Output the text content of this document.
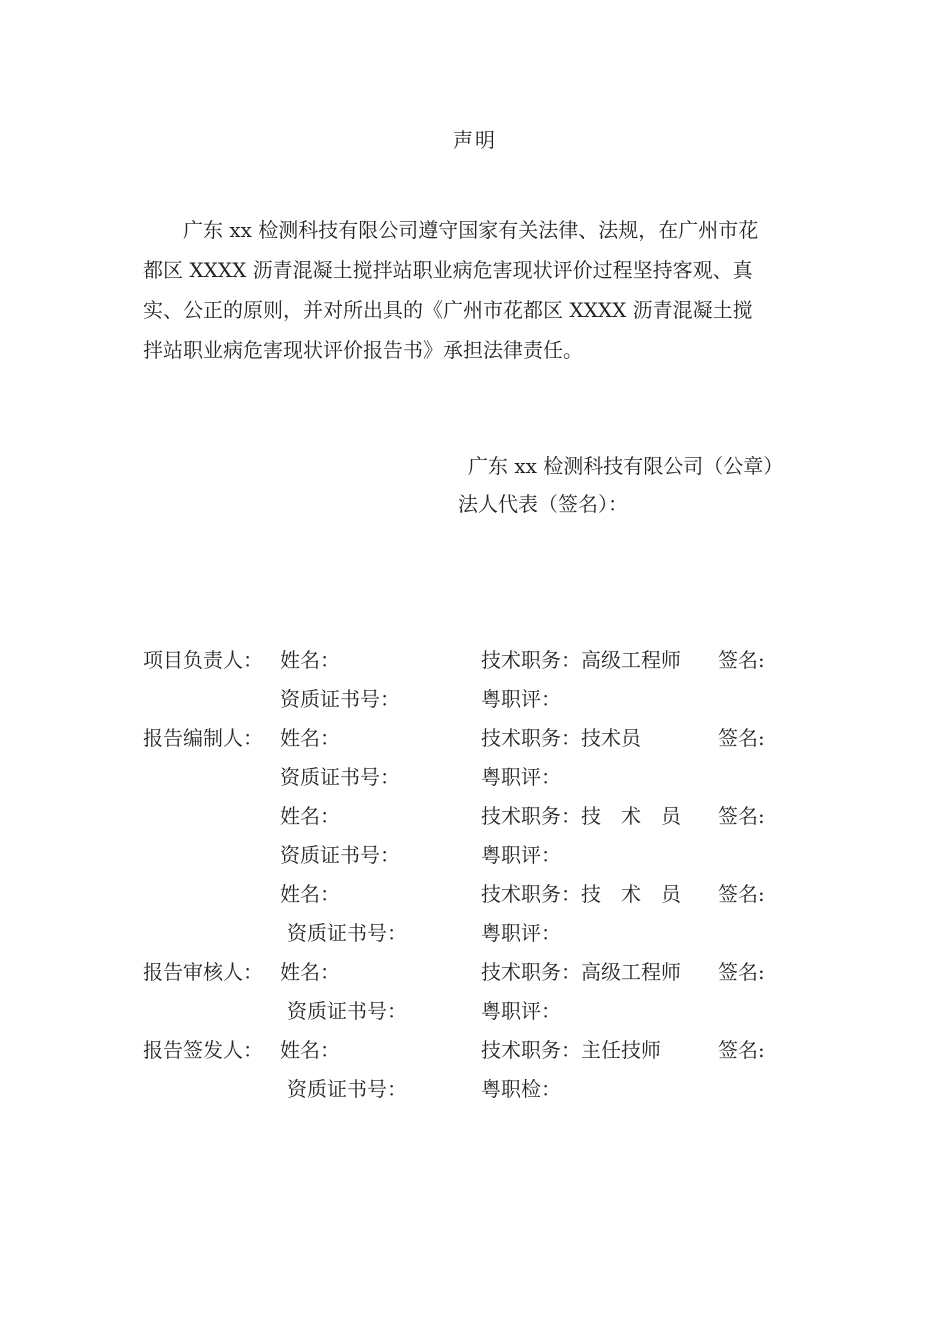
声明
广东 xx 检测科技有限公司遵守国家有关法律、法规，在广州市花
都区 XXXX 沥青混凝土搅拌站职业病危害现状评价过程坚持客观、真
实、公正的原则，并对所出具的《广州市花都区 XXXX 沥青混凝土搅
拌站职业病危害现状评价报告书》承担法律责任。
广东 xx 检测科技有限公司（公章）
法人代表（签名）：
项目负责人： 姓名：	技术职务：高级工程师 签名:
资质证书号：	粤职评：
报告编制人： 姓名：	技术职务：技术员	签名:
资质证书号：	粤职评：
姓名：	技术职务：技　术　员 签名:
资质证书号：	粤职评：
姓名：	技术职务：技　术　员 签名:
资质证书号：	粤职评：
报告审核人： 姓名：	技术职务：高级工程师 签名:
资质证书号：	粤职评：
报告签发人： 姓名：	技术职务：主任技师	签名:
资质证书号：	粤职检：
